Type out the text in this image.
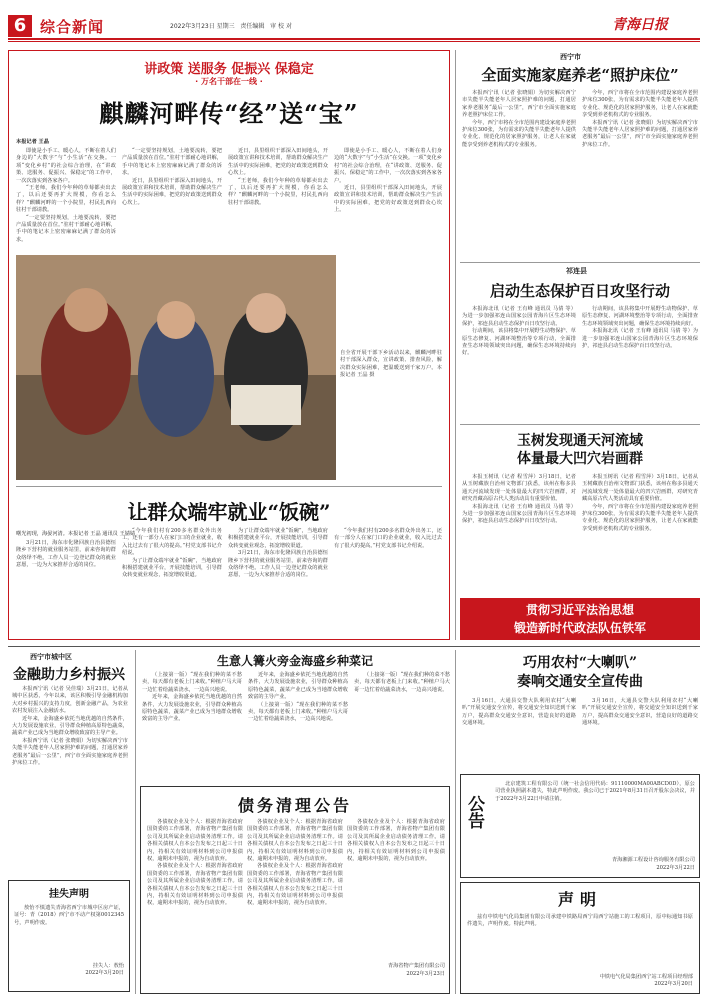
6 综合新闻	2022年3月23日 星期三 责任编辑 审 校 对	青海日报
讲政策 送服务 促振兴 保稳定
· 万名干部在一线 ·
麒麟河畔传“经”送“宝”
本报记者 王晶

即使是小手工、暖心人，不断在着人们身边的“大数字”与“小生活”在交换。一项“变化乡村”的社会综合治理，在“讲政策、送服务、促振兴、保稳定”的工作中，一次次落实到各家各户。

“王老师，我们今年种的草莓都卖出去了，以后还要再扩大规模，你看怎么样？”麒麟河畔的一个小院里，村民扎西向驻村干部请教。

“一定要坚持规划，土地要流转，要把产品质量放在首位。”驻村干部耐心地讲解，手中的笔记本上密密麻麻记满了群众的诉求。

“一定要坚持规划，土地要流转，要把产品质量放在首位。”驻村干部耐心地讲解，手中的笔记本上密密麻麻记满了群众的诉求。

近日，县里组织干部深入田间地头，开展政策宣讲和技术培训，帮助群众解决生产生活中的实际困难，把党的好政策送到群众心坎上。

近日，县里组织干部深入田间地头，开展政策宣讲和技术培训，帮助群众解决生产生活中的实际困难，把党的好政策送到群众心坎上。

“王老师，我们今年种的草莓都卖出去了，以后还要再扩大规模，你看怎么样？”麒麟河畔的一个小院里，村民扎西向驻村干部请教。

即使是小手工、暖心人，不断在着人们身边的“大数字”与“小生活”在交换。一项“变化乡村”的社会综合治理，在“讲政策、送服务、促振兴、保稳定”的工作中，一次次落实到各家各户。

近日，县里组织干部深入田间地头，开展政策宣讲和技术培训，帮助群众解决生产生活中的实际困难，把党的好政策送到群众心坎上。

自全省开展干部下乡活动以来，麒麟河畔驻村干部深入群众，宣讲政策、排查风险，解决群众实际困难，把温暖送到千家万户。本报记者 王晶 摄

让群众端牢就业“饭碗”
曙光初现，海晏河清。本报记者 王晶 通讯员 王婧婧

3月21日，海东市化隆回族自治县德恒隆乡下营村的就业服务站里，前来咨询的群众络绎不绝。工作人员一边登记群众的就业意愿，一边为大家推荐合适的岗位。

“今年我们村有200多名群众外出务工，还有一部分人在家门口的企业就业，收入比过去有了很大的提高。”村党支部书记介绍说。

为了让群众端牢就业“饭碗”，当地政府积极搭建就业平台，开展技能培训，引导群众转变就业观念，拓宽增收渠道。

为了让群众端牢就业“饭碗”，当地政府积极搭建就业平台，开展技能培训，引导群众转变就业观念，拓宽增收渠道。

3月21日，海东市化隆回族自治县德恒隆乡下营村的就业服务站里，前来咨询的群众络绎不绝。工作人员一边登记群众的就业意愿，一边为大家推荐合适的岗位。

“今年我们村有200多名群众外出务工，还有一部分人在家门口的企业就业，收入比过去有了很大的提高。”村党支部书记介绍说。

西宁市
全面实施家庭养老“照护床位”

本报西宁讯（记者 张晓娟）为切实解决西宁市失能半失能老年人居家照护难的问题，打通居家养老服务“最后一公里”，西宁市全面实施家庭养老照护床位工作。

今年，西宁市将在全市范围内建设家庭养老照护床位300张，为有需求的失能半失能老年人提供专业化、规范化的居家照护服务，让老人在家就能享受到养老机构式的专业服务。

今年，西宁市将在全市范围内建设家庭养老照护床位300张，为有需求的失能半失能老年人提供专业化、规范化的居家照护服务，让老人在家就能享受到养老机构式的专业服务。

本报西宁讯（记者 张晓娟）为切实解决西宁市失能半失能老年人居家照护难的问题，打通居家养老服务“最后一公里”，西宁市全面实施家庭养老照护床位工作。

祁连县
启动生态保护百日攻坚行动

本报海北讯（记者 王有峰 通讯员 马倩 等）为进一步加强祁连山国家公园青海片区生态环境保护，祁连县启动生态保护百日攻坚行动。

行动期间，该县将集中开展野生动物保护、草原生态修复、河湖环境整治等专项行动，全面排查生态环境领域突出问题，确保生态环境持续向好。

行动期间，该县将集中开展野生动物保护、草原生态修复、河湖环境整治等专项行动，全面排查生态环境领域突出问题，确保生态环境持续向好。

本报海北讯（记者 王有峰 通讯员 马倩 等）为进一步加强祁连山国家公园青海片区生态环境保护，祁连县启动生态保护百日攻坚行动。

玉树发现通天河流域
体量最大凹穴岩画群

本报玉树讯（记者 程雪萍）3月18日，记者从玉树藏族自治州文物部门获悉，该州在称多县通天河流域发现一处体量最大的凹穴岩画群，对研究青藏高原古代人类活动具有重要价值。

本报海北讯（记者 王有峰 通讯员 马倩 等）为进一步加强祁连山国家公园青海片区生态环境保护，祁连县启动生态保护百日攻坚行动。

本报玉树讯（记者 程雪萍）3月18日，记者从玉树藏族自治州文物部门获悉，该州在称多县通天河流域发现一处体量最大的凹穴岩画群，对研究青藏高原古代人类活动具有重要价值。

今年，西宁市将在全市范围内建设家庭养老照护床位300张，为有需求的失能半失能老年人提供专业化、规范化的居家照护服务，让老人在家就能享受到养老机构式的专业服务。

贯彻习近平法治思想
锻造新时代政法队伍铁军
西宁市城中区
金融助力乡村振兴

本报西宁讯（记者 吴佳瑞）3月21日，记者从城中区获悉，今年以来，该区积极引导金融机构加大对乡村振兴的支持力度，创新金融产品，为农业农村发展注入金融活水。

近年来，金海盛乡依托当地优越的自然条件，大力发展设施农业，引导群众种植高原特色蔬菜，蔬菜产业已成为当地群众增收致富的主导产业。

本报西宁讯（记者 张晓娟）为切实解决西宁市失能半失能老年人居家照护难的问题，打通居家养老服务“最后一公里”，西宁市全面实施家庭养老照护床位工作。

挂失声明

敖怡不慎遗失青海省西宁市城中区房产证，证号：青（2018）西宁市不动产权第0012345号，声明作废。

挂失人：敖怡
2022年3月20日
生意人篝火旁金海盛乡种菜记

（上接第一版）“现在我们种的菜不愁卖，每天都有老板上门来收。”种植户马大哥一边忙着给蔬菜浇水，一边高兴地说。

近年来，金海盛乡依托当地优越的自然条件，大力发展设施农业，引导群众种植高原特色蔬菜，蔬菜产业已成为当地群众增收致富的主导产业。

近年来，金海盛乡依托当地优越的自然条件，大力发展设施农业，引导群众种植高原特色蔬菜，蔬菜产业已成为当地群众增收致富的主导产业。

（上接第一版）“现在我们种的菜不愁卖，每天都有老板上门来收。”种植户马大哥一边忙着给蔬菜浇水，一边高兴地说。

（上接第一版）“现在我们种的菜不愁卖，每天都有老板上门来收。”种植户马大哥一边忙着给蔬菜浇水，一边高兴地说。

债务清理公告

各债权企业及个人：根据青海省政府国资委的工作部署，青海省物产集团有限公司及其所属企业启动债务清理工作。请各相关债权人自本公告发布之日起三十日内，持相关有效证明材料到公司申报债权，逾期未申报的，视为自动放弃。

各债权企业及个人：根据青海省政府国资委的工作部署，青海省物产集团有限公司及其所属企业启动债务清理工作。请各相关债权人自本公告发布之日起三十日内，持相关有效证明材料到公司申报债权，逾期未申报的，视为自动放弃。

各债权企业及个人：根据青海省政府国资委的工作部署，青海省物产集团有限公司及其所属企业启动债务清理工作。请各相关债权人自本公告发布之日起三十日内，持相关有效证明材料到公司申报债权，逾期未申报的，视为自动放弃。

各债权企业及个人：根据青海省政府国资委的工作部署，青海省物产集团有限公司及其所属企业启动债务清理工作。请各相关债权人自本公告发布之日起三十日内，持相关有效证明材料到公司申报债权，逾期未申报的，视为自动放弃。

各债权企业及个人：根据青海省政府国资委的工作部署，青海省物产集团有限公司及其所属企业启动债务清理工作。请各相关债权人自本公告发布之日起三十日内，持相关有效证明材料到公司申报债权，逾期未申报的，视为自动放弃。

青海省物产集团有限公司
2022年3月23日
巧用农村“大喇叭”
奏响交通安全宣传曲

3月16日，大通县交警大队利用农村“大喇叭”开展交通安全宣传，将交通安全知识送到千家万户，提高群众交通安全意识，营造良好的道路交通环境。

3月16日，大通县交警大队利用农村“大喇叭”开展交通安全宣传，将交通安全知识送到千家万户，提高群众交通安全意识，营造良好的道路交通环境。

公告

北京建筑工程有限公司（统一社会信用代码：91110000MA00ABCD0D），原公司营业执照副本遗失，特此声明作废。我公司已于2021年8月31日召开股东会决议，并于2022年3月22日申请注销。

青海湘源工程设计咨询服务有限公司
2022年3月22日
声明

兹有中铁电气化局集团有限公司承建中铁路局西宁局西宁站施工的工程项目，原中标通知书原件遗失，声明作废。特此声明。

中铁电气化局集团西宁站工程项目经理部
2022年3月20日
